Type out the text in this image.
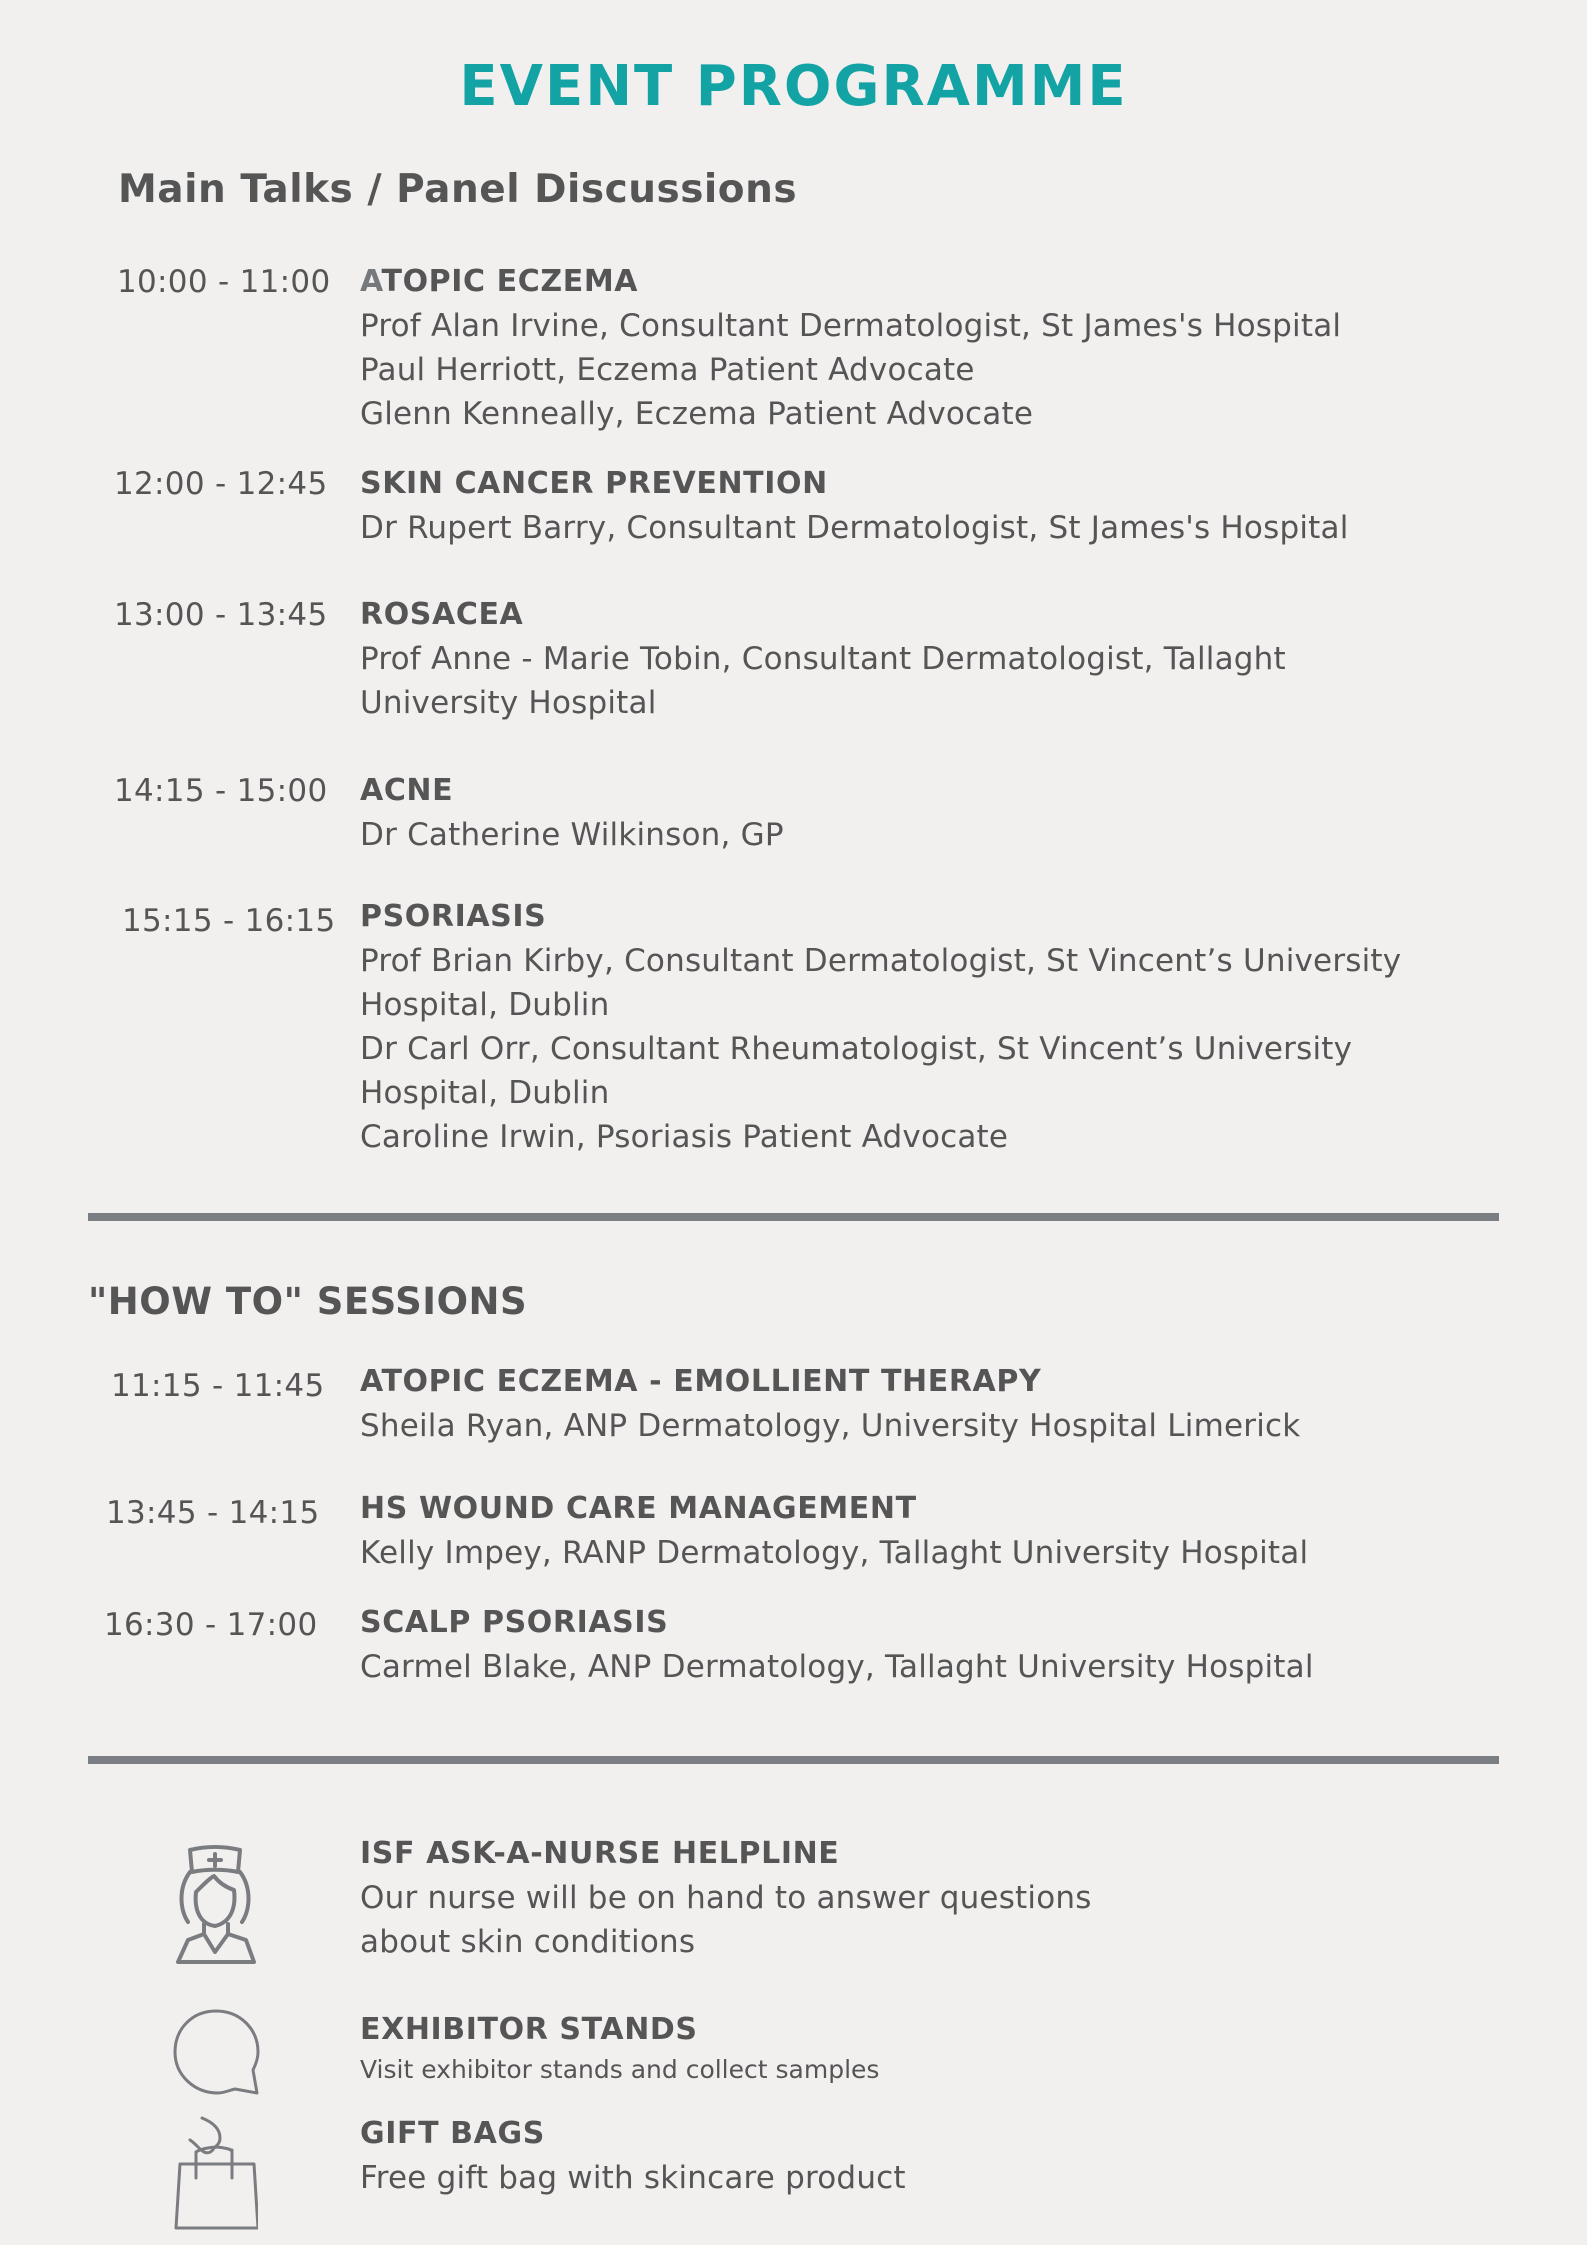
EVENT PROGRAMME
Main Talks / Panel Discussions
10:00 - 11:00 ATOPIC ECZEMA
Prof Alan Irvine, Consultant Dermatologist, St James's Hospital
Paul Herriott, Eczema Patient Advocate
Glenn Kenneally, Eczema Patient Advocate
12:00 - 12:45 SKIN CANCER PREVENTION
Dr Rupert Barry, Consultant Dermatologist, St James's Hospital
13:00 - 13:45 ROSACEA
Prof Anne - Marie Tobin, Consultant Dermatologist, Tallaght
University Hospital
14:15 - 15:00 ACNE
Dr Catherine Wilkinson, GP
15:15 - 16:15 PSORIASIS
Prof Brian Kirby, Consultant Dermatologist, St Vincent’s University
Hospital, Dublin
Dr Carl Orr, Consultant Rheumatologist, St Vincent’s University
Hospital, Dublin
Caroline Irwin, Psoriasis Patient Advocate
"HOW TO" SESSIONS
11:15 - 11:45 ATOPIC ECZEMA - EMOLLIENT THERAPY
Sheila Ryan, ANP Dermatology, University Hospital Limerick
13:45 - 14:15 HS WOUND CARE MANAGEMENT
Kelly Impey, RANP Dermatology, Tallaght University Hospital
16:30 - 17:00 SCALP PSORIASIS
Carmel Blake, ANP Dermatology, Tallaght University Hospital
ISF ASK-A-NURSE HELPLINE
Our nurse will be on hand to answer questions
about skin conditions
EXHIBITOR STANDS
Visit exhibitor stands and collect samples
GIFT BAGS
Free gift bag with skincare product
